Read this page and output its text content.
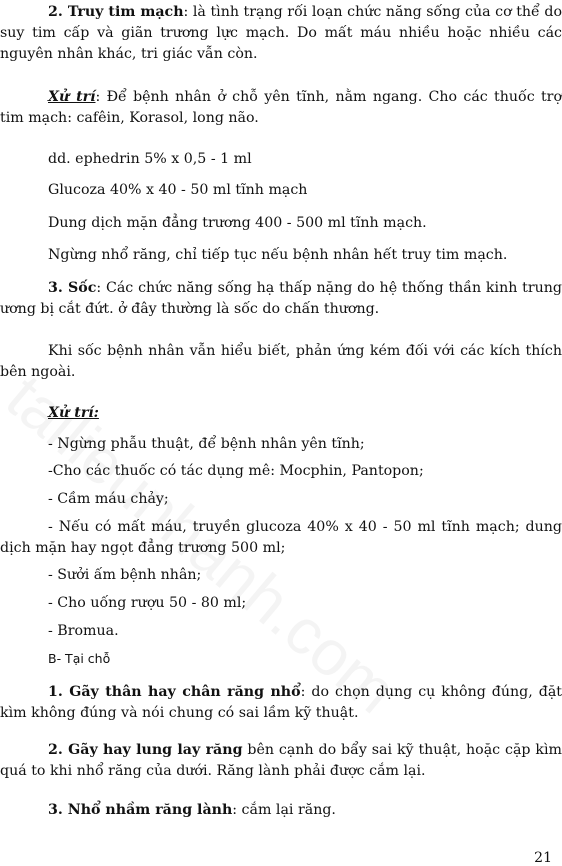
2. Truy tim mạch: là tình trạng rối loạn chức năng sống của cơ thể do suy tim cấp và giãn trương lực mạch. Do mất máu nhiều hoặc nhiều các nguyên nhân khác, tri giác vẫn còn.
Xử trí: Để bệnh nhân ở chỗ yên tĩnh, nằm ngang. Cho các thuốc trợ tim mạch: cafêin, Korasol, long não.
dd. ephedrin 5% x 0,5 - 1 ml
Glucoza 40% x 40 - 50 ml tĩnh mạch
Dung dịch mặn đẳng trương 400 - 500 ml tĩnh mạch.
Ngừng nhổ răng, chỉ tiếp tục nếu bệnh nhân hết truy tim mạch.
3. Sốc: Các chức năng sống hạ thấp nặng do hệ thống thần kinh trung ương bị cắt đứt. ở đây thường là sốc do chấn thương.
Khi sốc bệnh nhân vẫn hiểu biết, phản ứng kém đối với các kích thích bên ngoài.
Xử trí:
- Ngừng phẫu thuật, để bệnh nhân yên tĩnh;
-Cho các thuốc có tác dụng mê: Mocphin, Pantopon;
- Cầm máu chảy;
- Nếu có mất máu, truyền glucoza 40% x 40 - 50 ml tĩnh mạch; dung dịch mặn hay ngọt đẳng trương 500 ml;
- Sưởi ấm bệnh nhân;
- Cho uống rượu 50 - 80 ml;
- Bromua.
B- Tại chỗ
1. Gãy thân hay chân răng nhổ: do chọn dụng cụ không đúng, đặt kìm không đúng và nói chung có sai lầm kỹ thuật.
2. Gãy hay lung lay răng bên cạnh do bẩy sai kỹ thuật, hoặc cặp kìm quá to khi nhổ răng của dưới. Răng lành phải được cắm lại.
3. Nhổ nhầm răng lành: cắm lại răng.
21
